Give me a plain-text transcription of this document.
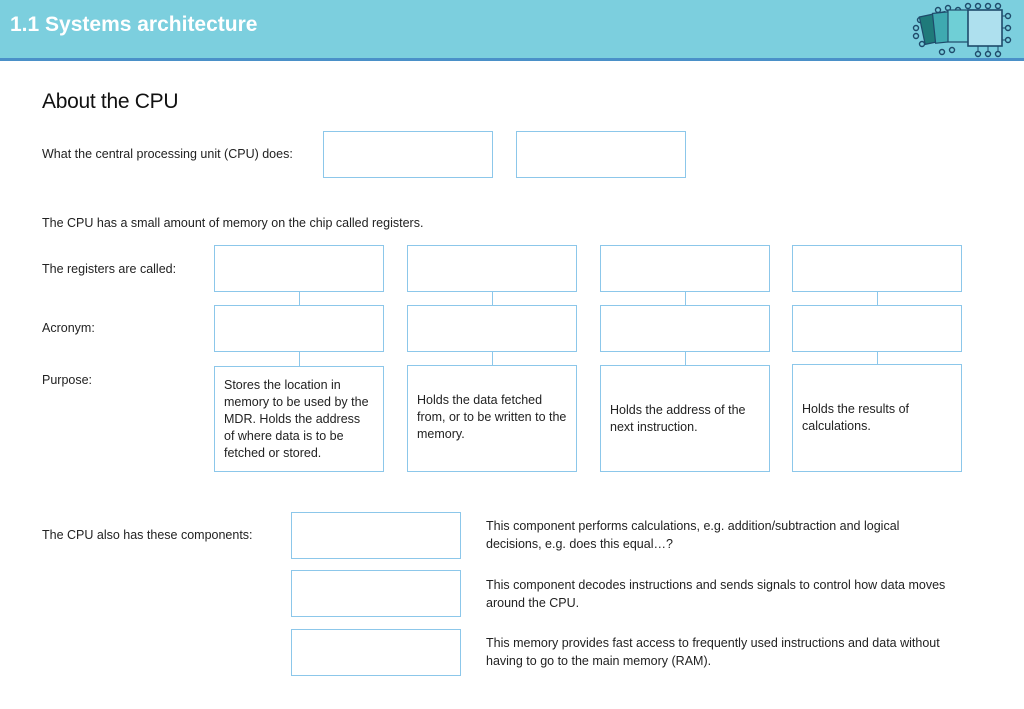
1.1 Systems architecture
About the CPU
What the central processing unit (CPU) does:
The CPU has a small amount of memory on the chip called registers.
The registers are called:
Acronym:
Purpose:	Stores the location in memory to be used by the MDR. Holds the address of where data is to be fetched or stored.
Holds the data fetched from, or to be written to the memory.
Holds the address of the next instruction.
Holds the results of calculations.
The CPU also has these components:
This component performs calculations, e.g. addition/subtraction and logical decisions, e.g. does this equal…?
This component decodes instructions and sends signals to control how data moves around the CPU.
This memory provides fast access to frequently used instructions and data without having to go to the main memory (RAM).
